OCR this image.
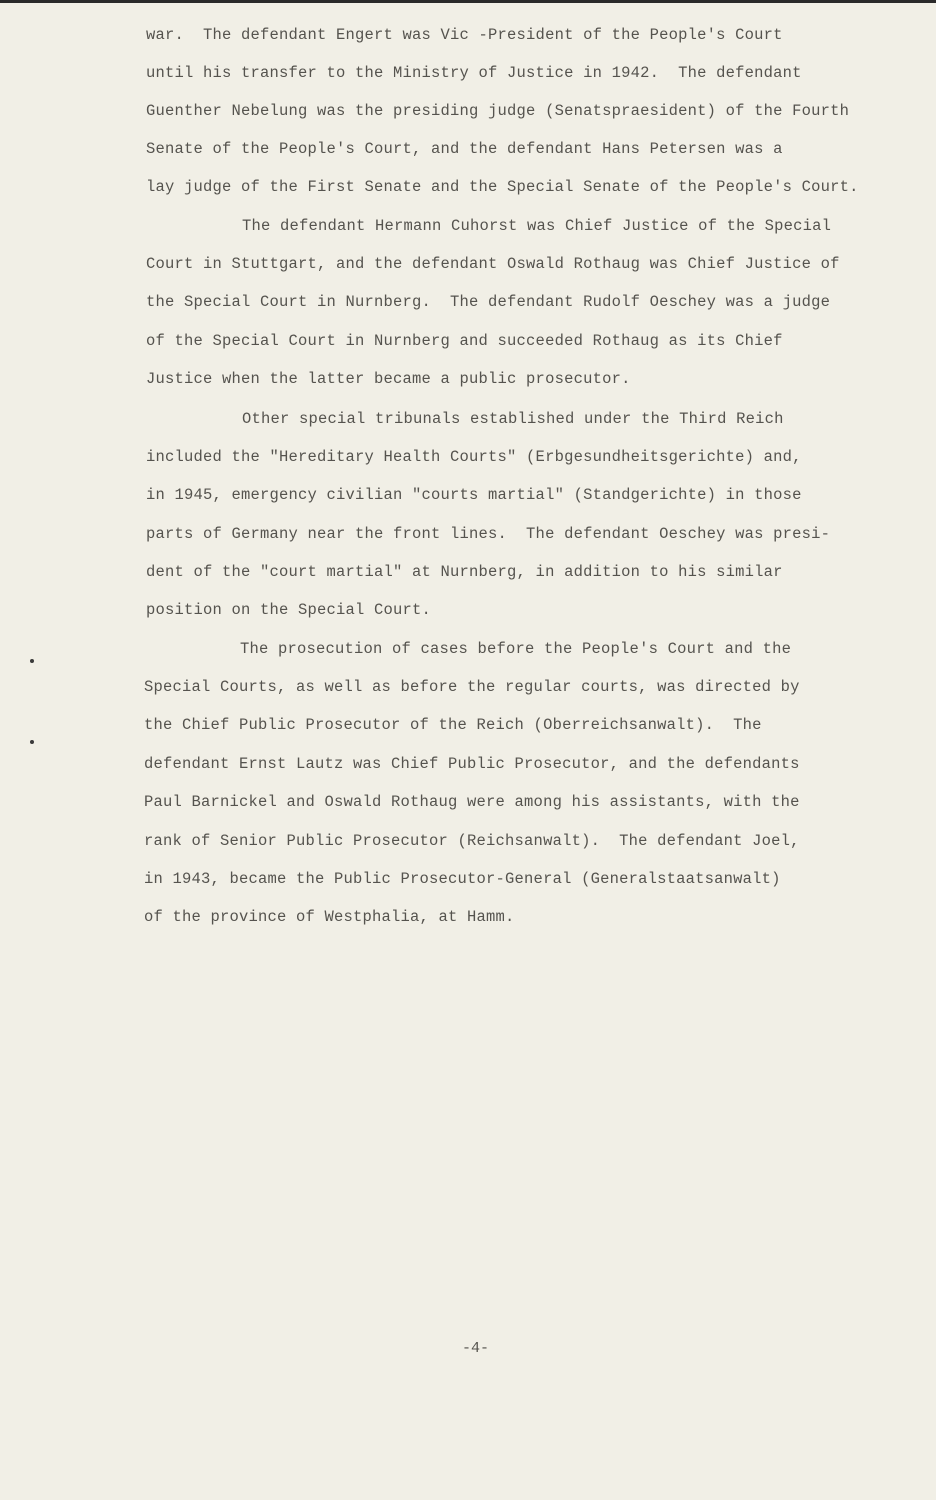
war.  The defendant Engert was Vic -President of the People's Court
until his transfer to the Ministry of Justice in 1942.  The defendant
Guenther Nebelung was the presiding judge (Senatspraesident) of the Fourth
Senate of the People's Court, and the defendant Hans Petersen was a
lay judge of the First Senate and the Special Senate of the People's Court.
The defendant Hermann Cuhorst was Chief Justice of the Special
Court in Stuttgart, and the defendant Oswald Rothaug was Chief Justice of
the Special Court in Nurnberg.  The defendant Rudolf Oeschey was a judge
of the Special Court in Nurnberg and succeeded Rothaug as its Chief
Justice when the latter became a public prosecutor.
Other special tribunals established under the Third Reich
included the "Hereditary Health Courts" (Erbgesundheitsgerichte) and,
in 1945, emergency civilian "courts martial" (Standgerichte) in those
parts of Germany near the front lines.  The defendant Oeschey was presi-
dent of the "court martial" at Nurnberg, in addition to his similar
position on the Special Court.
The prosecution of cases before the People's Court and the
Special Courts, as well as before the regular courts, was directed by
the Chief Public Prosecutor of the Reich (Oberreichsanwalt).  The
defendant Ernst Lautz was Chief Public Prosecutor, and the defendants
Paul Barnickel and Oswald Rothaug were among his assistants, with the
rank of Senior Public Prosecutor (Reichsanwalt).  The defendant Joel,
in 1943, became the Public Prosecutor-General (Generalstaatsanwalt)
of the province of Westphalia, at Hamm.
-4-
